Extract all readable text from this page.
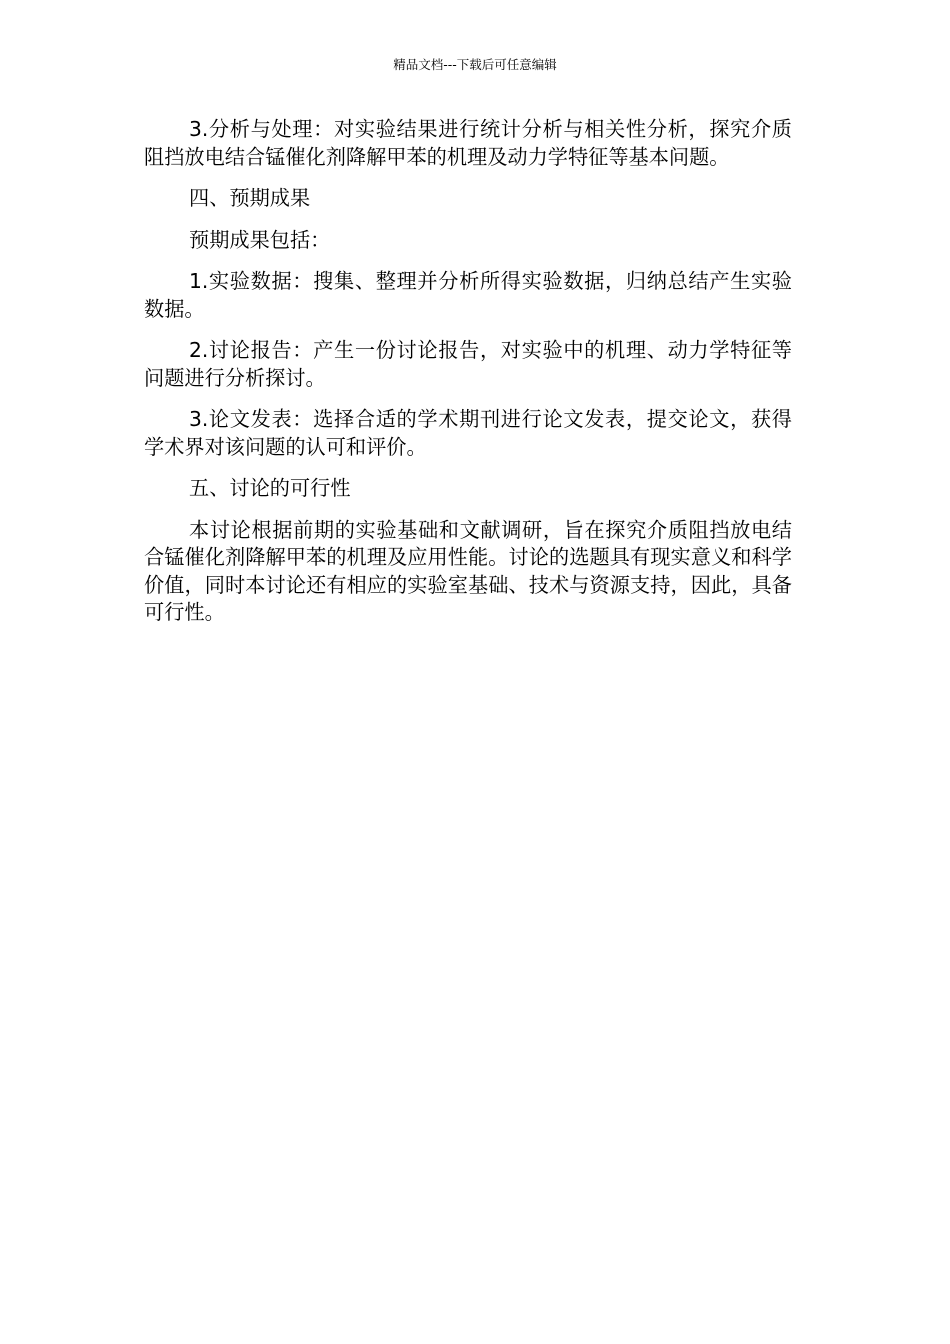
精品文档---下载后可任意编辑

3.分析与处理：对实验结果进行统计分析与相关性分析，探究介质阻挡放电结合锰催化剂降解甲苯的机理及动力学特征等基本问题。

四、预期成果

预期成果包括：

1.实验数据：搜集、整理并分析所得实验数据，归纳总结产生实验数据。

2.讨论报告：产生一份讨论报告，对实验中的机理、动力学特征等问题进行分析探讨。

3.论文发表：选择合适的学术期刊进行论文发表，提交论文，获得学术界对该问题的认可和评价。

五、讨论的可行性

本讨论根据前期的实验基础和文献调研，旨在探究介质阻挡放电结合锰催化剂降解甲苯的机理及应用性能。讨论的选题具有现实意义和科学价值，同时本讨论还有相应的实验室基础、技术与资源支持，因此，具备可行性。
